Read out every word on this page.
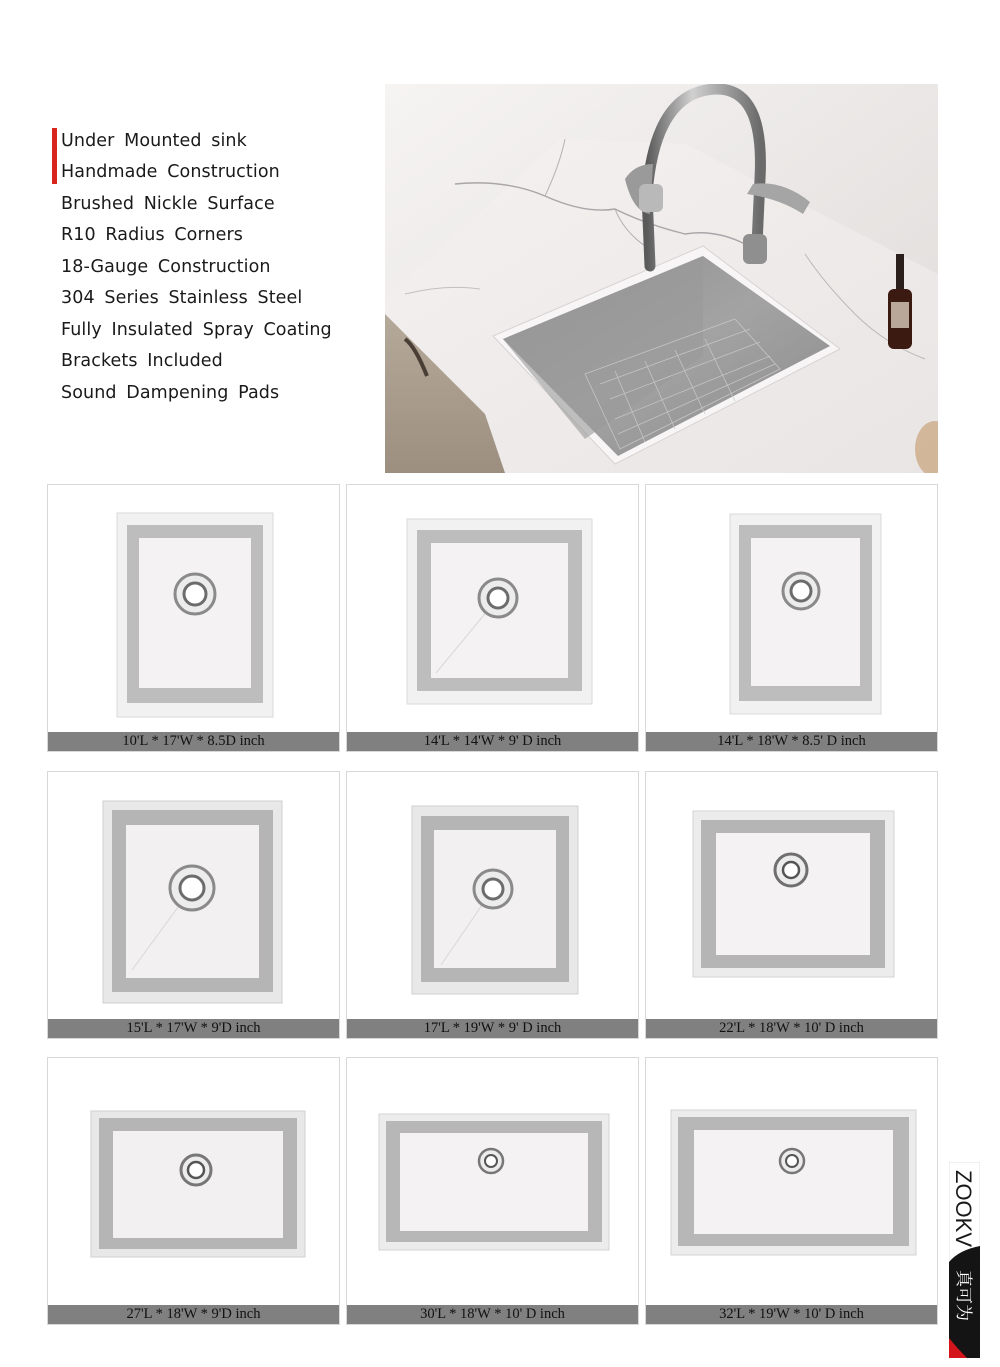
Under Mounted sink
Handmade Construction
Brushed Nickle Surface
R10 Radius Corners
18-Gauge Construction
304 Series Stainless Steel
Fully Insulated Spray Coating
Brackets Included
Sound Dampening Pads
10'L * 17'W * 8.5D inch	14'L * 14'W * 9' D inch	14'L * 18'W * 8.5' D inch
15'L * 17'W * 9'D inch	17'L * 19'W * 9' D inch	22'L * 18'W * 10' D inch
27'L * 18'W * 9'D inch	30'L * 18'W * 10' D inch	32'L * 19'W * 10' D inch
ZOOKV
®
真可为
